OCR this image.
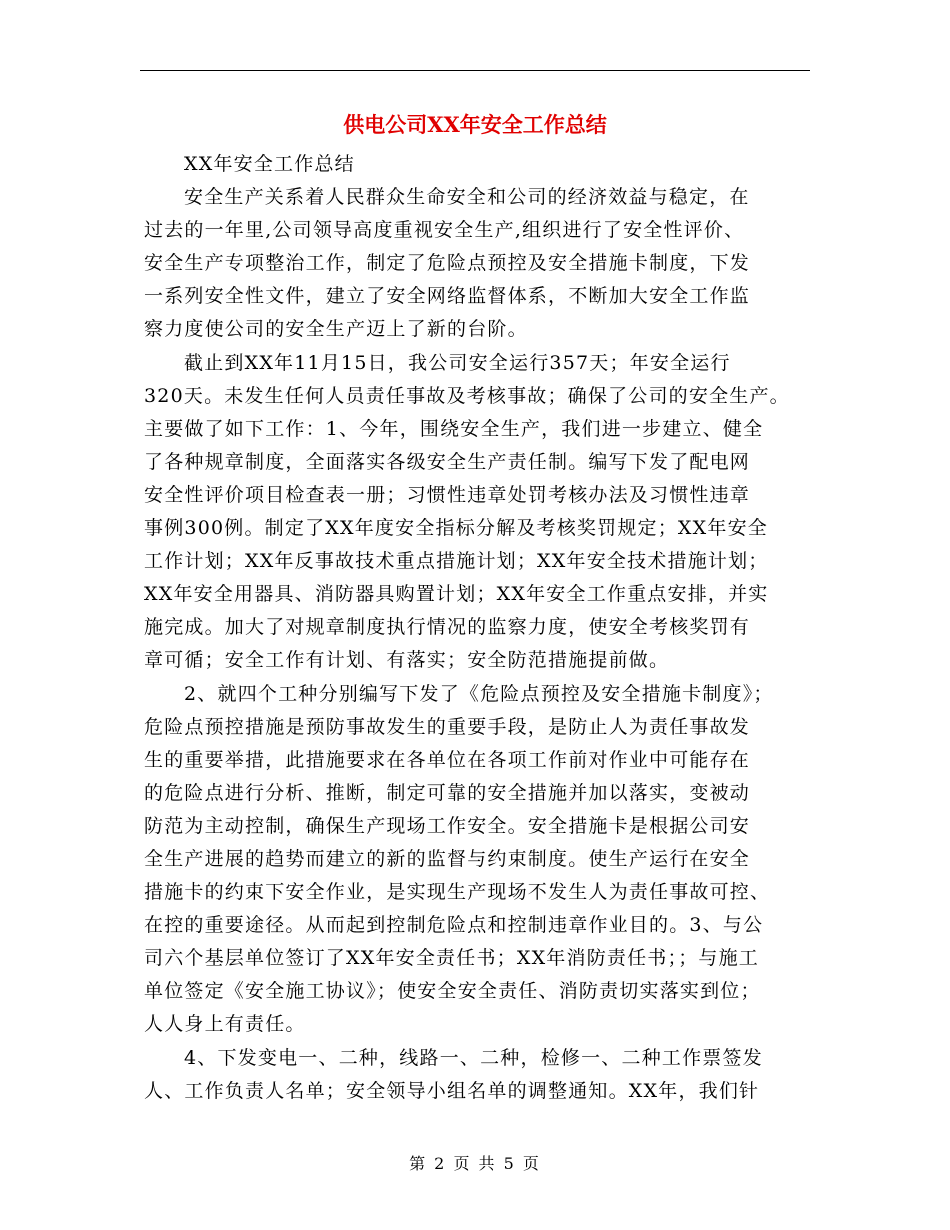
供电公司XX年安全工作总结
XX年安全工作总结
安全生产关系着人民群众生命安全和公司的经济效益与稳定，在
过去的一年里,公司领导高度重视安全生产,组织进行了安全性评价、
安全生产专项整治工作，制定了危险点预控及安全措施卡制度，下发
一系列安全性文件，建立了安全网络监督体系，不断加大安全工作监
察力度使公司的安全生产迈上了新的台阶。
截止到XX年11月15日，我公司安全运行357天；年安全运行
320天。未发生任何人员责任事故及考核事故；确保了公司的安全生产。
主要做了如下工作：1、今年，围绕安全生产，我们进一步建立、健全
了各种规章制度，全面落实各级安全生产责任制。编写下发了配电网
安全性评价项目检查表一册；习惯性违章处罚考核办法及习惯性违章
事例300例。制定了XX年度安全指标分解及考核奖罚规定；XX年安全
工作计划；XX年反事故技术重点措施计划；XX年安全技术措施计划；
XX年安全用器具、消防器具购置计划；XX年安全工作重点安排，并实
施完成。加大了对规章制度执行情况的监察力度，使安全考核奖罚有
章可循；安全工作有计划、有落实；安全防范措施提前做。
2、就四个工种分别编写下发了《危险点预控及安全措施卡制度》；
危险点预控措施是预防事故发生的重要手段，是防止人为责任事故发
生的重要举措，此措施要求在各单位在各项工作前对作业中可能存在
的危险点进行分析、推断，制定可靠的安全措施并加以落实，变被动
防范为主动控制，确保生产现场工作安全。安全措施卡是根据公司安
全生产进展的趋势而建立的新的监督与约束制度。使生产运行在安全
措施卡的约束下安全作业，是实现生产现场不发生人为责任事故可控、
在控的重要途径。从而起到控制危险点和控制违章作业目的。3、与公
司六个基层单位签订了XX年安全责任书；XX年消防责任书；；与施工
单位签定《安全施工协议》；使安全安全责任、消防责切实落实到位；
人人身上有责任。
4、下发变电一、二种，线路一、二种，检修一、二种工作票签发
人、工作负责人名单；安全领导小组名单的调整通知。XX年，我们针
第 2 页 共 5 页
